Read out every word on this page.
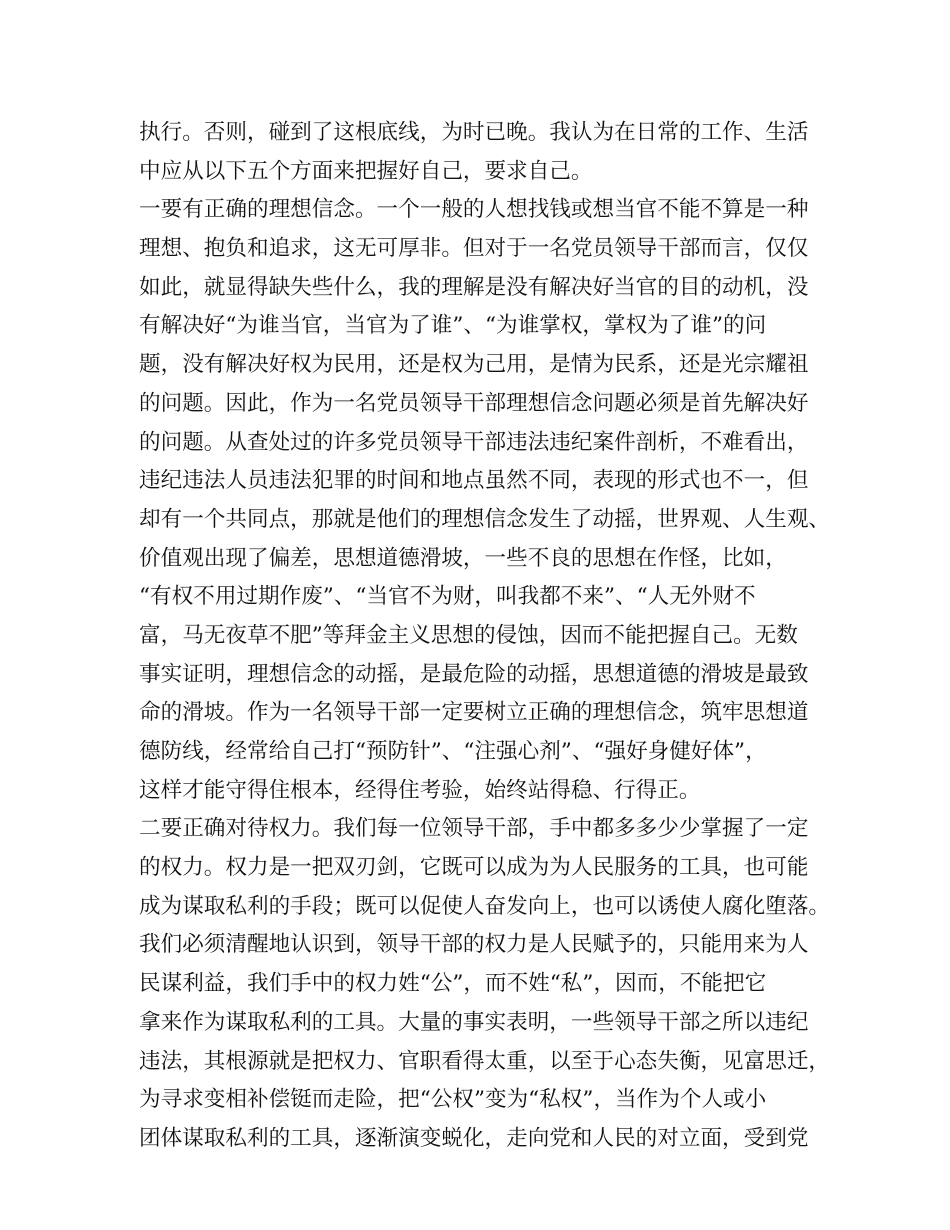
执行。否则，碰到了这根底线，为时已晚。我认为在日常的工作、生活
中应从以下五个方面来把握好自己，要求自己。
一要有正确的理想信念。一个一般的人想找钱或想当官不能不算是一种
理想、抱负和追求，这无可厚非。但对于一名党员领导干部而言，仅仅
如此，就显得缺失些什么，我的理解是没有解决好当官的目的动机，没
有解决好“为谁当官，当官为了谁”、“为谁掌权，掌权为了谁”的问
题，没有解决好权为民用，还是权为己用，是情为民系，还是光宗耀祖
的问题。因此，作为一名党员领导干部理想信念问题必须是首先解决好
的问题。从查处过的许多党员领导干部违法违纪案件剖析，不难看出，
违纪违法人员违法犯罪的时间和地点虽然不同，表现的形式也不一，但
却有一个共同点，那就是他们的理想信念发生了动摇，世界观、人生观、
价值观出现了偏差，思想道德滑坡，一些不良的思想在作怪，比如，
“有权不用过期作废”、“当官不为财，叫我都不来”、“人无外财不
富，马无夜草不肥”等拜金主义思想的侵蚀，因而不能把握自己。无数
事实证明，理想信念的动摇，是最危险的动摇，思想道德的滑坡是最致
命的滑坡。作为一名领导干部一定要树立正确的理想信念，筑牢思想道
德防线，经常给自己打“预防针”、“注强心剂”、“强好身健好体”，
这样才能守得住根本，经得住考验，始终站得稳、行得正。
二要正确对待权力。我们每一位领导干部，手中都多多少少掌握了一定
的权力。权力是一把双刃剑，它既可以成为为人民服务的工具，也可能
成为谋取私利的手段；既可以促使人奋发向上，也可以诱使人腐化堕落。
我们必须清醒地认识到，领导干部的权力是人民赋予的，只能用来为人
民谋利益，我们手中的权力姓“公”，而不姓“私”，因而，不能把它
拿来作为谋取私利的工具。大量的事实表明，一些领导干部之所以违纪
违法，其根源就是把权力、官职看得太重，以至于心态失衡，见富思迁，
为寻求变相补偿铤而走险，把“公权”变为“私权”，当作为个人或小
团体谋取私利的工具，逐渐演变蜕化，走向党和人民的对立面，受到党
